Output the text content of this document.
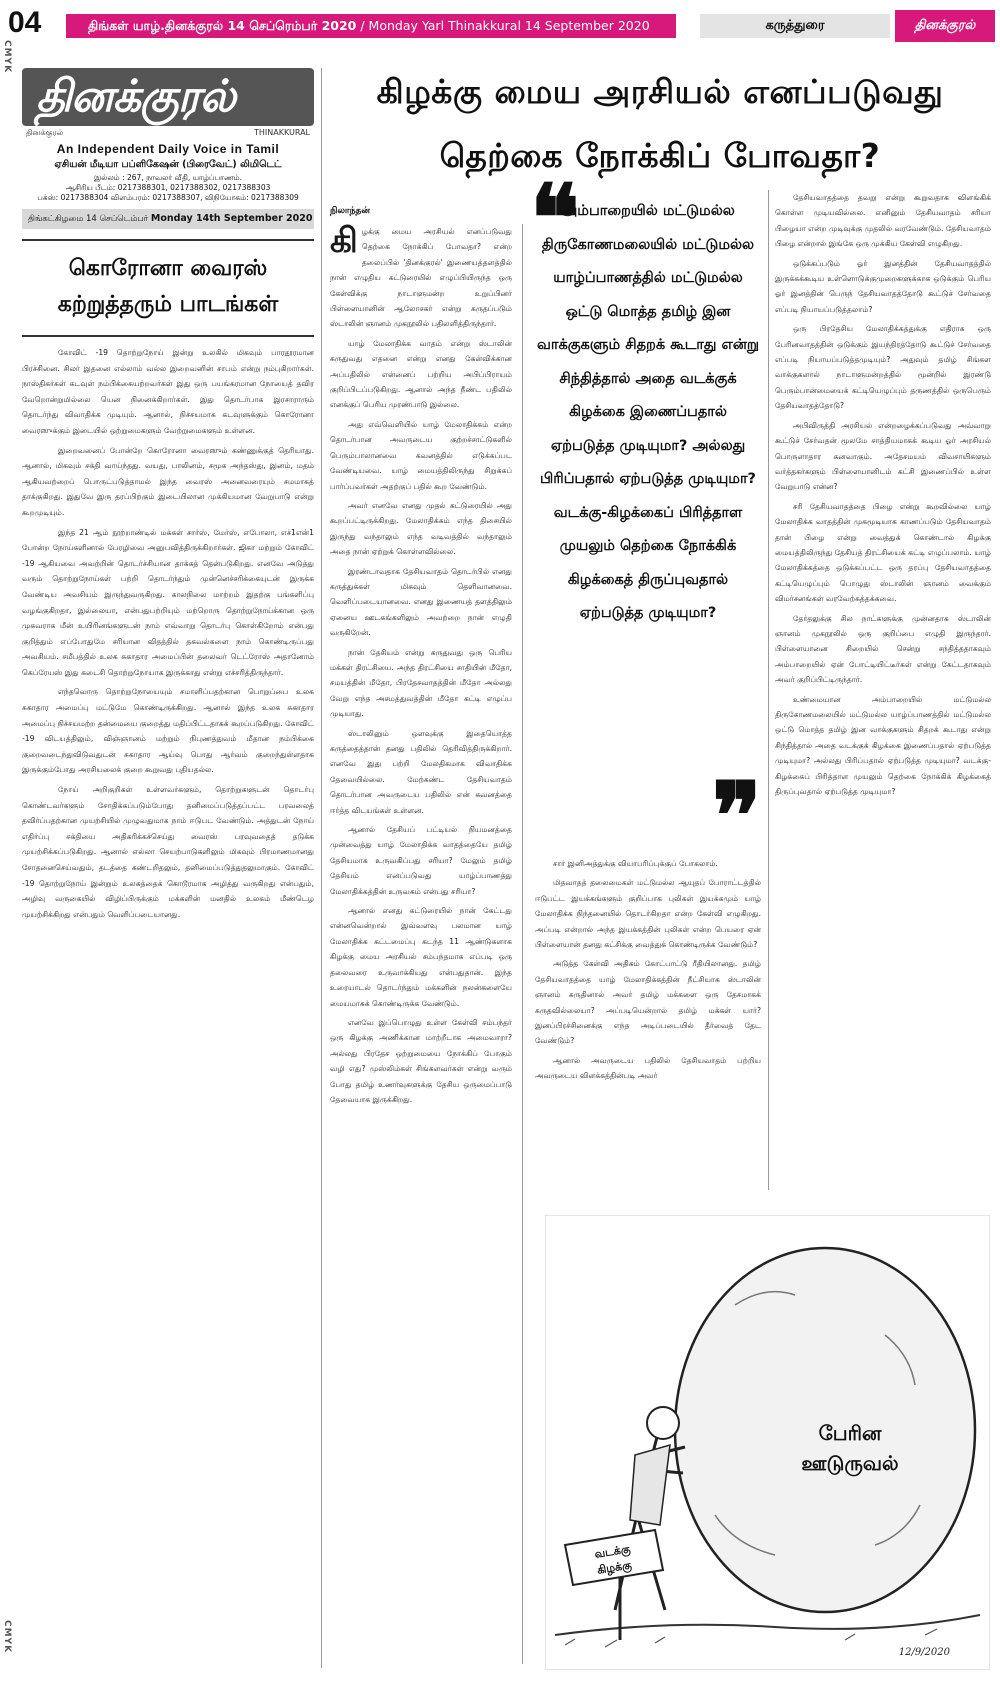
04	திங்கள் யாழ்.தினக்குரல் 14 செப்ரெம்பர் 2020 / Monday Yarl Thinakkural 14 September 2020	கருத்துரை	தினக்குரல்
CMYK
CMYK
தினக்குரல்
தினக்குரல்	THINAKKURAL
An Independent Daily Voice in Tamil
ஏசியன் மீடியா பப்ளிகேஷன் (பிரைவேட்) லிமிடெட்
இல்லம் : 267, நாவலர் வீதி, யாழ்ப்பாணம்.
ஆசிரிய பீடம்: 0217388301, 0217388302, 0217388303
பக்ஸ்: 0217388304 விளம்பரம்: 0217388307, விநியோகம்: 0217388309
திங்கட்கிழமை 14 செப்டெம்பர் Monday 14th September 2020
கொரோனா வைரஸ்
கற்றுத்தரும் பாடங்கள்

கோவிட் -19 தொற்றுநோய் இன்று உலகில் மிகவும் பாரதூரமான பிரச்சினை. சிலர் இதனை எல்லாம் வல்ல இறைவனின் சாபம் என்று நம்புகிறார்கள். நாஸ்திகர்கள் கடவுள் நம்பிக்கையற்றவர்கள் இது ஒரு பயங்கரமான நோயைத் தவிர வேறொன்றுமில்லை யென நினைக்கிறார்கள். இது தொடர்பாக இரசாராரும் தொடர்ந்து விவாதிக்க முடியும். ஆனால், நிச்சயமாக கடவுளுக்கும் கொரோனா வைரஸுக்கும் இடையில் ஒற்றுமைகளும் வேற்றுமைகளும் உள்ளன.

இறைவனைப் போன்றே கொரோனா வைரஸும் கண்ணுக்குத் தெரியாது. ஆனால், மிகவும் சக்தி வாய்ந்தது. வயது, பாலினம், சமூக அந்தஸ்து, இனம், மதம் ஆகியவற்றைப் பொருட்படுத்தாமல் இந்த வைரஸ் அனைவரையும் சமமாகத் தாக்குகிறது. இதுவே இரு தரப்பிற்கும் இடையிலான முக்கியமான வேறுபாடு என்று கூறமுடியும்.

இந்த 21 ஆம் நூற்றாண்டில் மக்கள் சார்ஸ், மேர்ஸ், எபோலா, எச்1என்1 போன்ற நோய்களினால் பேரழிவை அனுபவித்திருக்கிறார்கள். ஜிகா மற்றும் கோவிட் -19 ஆகியவை அவற்றின் தொடர்ச்சியான தாக்கத் தென்படுகிறது. எனவே அடுத்து வரும் தொற்றுநோய்கள் பற்றி தொடர்ந்தும் முன்னெச்சரிக்கையுடன் இருக்க வேண்டிய அவசியம் இருந்துவருகிறது. காலநிலை மாற்றம் இதற்கு பங்களிப்பு வழங்குகிறதா, இல்லையா, என்பதுபற்றியும் மற்றொரு தொற்றுநோய்க்கான ஒரு முகவராக மீன் உயிரினங்களுடன் நாம் எவ்வாறு தொடர்பு கொள்கிறோம் என்பது குறித்தும் எப்போதுமே சரியான விதத்தில் தகவல்களை நாம் கொண்டிருப்பது அவசியம். சமீபத்தில் உலக சுகாதார அமைப்பின் தலைவர் டெட்ரோஸ் அதானோம் கெப்ரேயஸ் இது கடைசி தொற்றுநோயாக இருக்காது என்று எச்சரித்திருந்தார்.

எந்தவொரு தொற்றுநோயையும் சமாளிப்பதற்கான பொறுப்பை உலக சுகாதார அமைப்பு மட்டுமே கொண்டிருக்கிறது. ஆனால் இந்த உலக சுகாதார அமைப்பு நிச்சயமற்ற தன்மையை குறைத்து மதிப்பிட்டதாகக் கூறப்படுகிறது. கோவிட் -19 விடயத்திலும், விஞ்ஞானம் மற்றும் நிபுணத்துவம் மீதான நம்பிக்கை குறைவடைந்துவிடுவதுடன் சுகாதார ஆய்வு பொது ஆர்வம் குறைந்துள்ளதாக இருக்கும்போது அரசியலைக் குறை கூறுவது புதியதல்ல.

நோய் அறிகுறிகள் உள்ளவர்களும், தொற்றுகளுடன் தொடர்பு கொண்டவர்களும் சோதிக்கப்படும்போது தனிமைப்படுத்தப்பட்ட பரவலைத் தவிர்ப்பதற்கான முயற்சியில் முழுவதுமாக நாம் ஈடுபட வேண்டும். அத்துடன் நோய் எதிர்ப்பு சக்தியை அதிகரிக்கச்செய்து வைரஸ் பரவுவதைத் தடுக்க முயற்சிக்கப்படுகிறது. ஆனால் எல்லா செயற்பாடுகளிலும் மிகவும் பிரமாணமானது சோதனைசெய்வதும், தடத்தை கண்டறிதலும், தனிமைப்படுத்துதலுமாகும். கோவிட் -19 தொற்றுநோய் இன்றும் உலகத்தைக் கொடூரமாக அழித்து வருகிறது என்பதும், அழிவு வருகையில் விழிப்பிருக்கும் மக்களின் மனதில் உலகம் மீண்டெழ முயற்சிக்கிறது என்பதும் வெளிப்படையானது.

கிழக்கு மைய அரசியல் எனப்படுவது
தெற்கை நோக்கிப் போவதா?
நிலாந்தன்

கிழக்கு மைய அரசியல் எனப்படுவது தெற்கை நோக்கிப் போவதா? என்ற தலைப்பில் 'தினக்குரல்' இணையத்தளத்தில் நான் எழுதிய கட்டுரையில் எழுப்பியிருந்த ஒரு கேள்விக்கு நாடாளுமன்ற உறுப்பினர் பிள்ளையானின் ஆலோசகர் என்று கருதப்படும் ஸ்டாலின் ஞானம் முகநூலில் பதிலளித்திருந்தார்.

யாழ் மேலாதிக்க வாதம் என்று ஸ்டாலின் கருதுவது எதனை என்று எனது கேள்விக்கான அப்பதிலில் என்னைப் பற்றிய அபிப்பிராயம் குறிப்பிடப்படுகிறது. ஆனால் அந்த நீண்ட பதிலில் எனக்குப் பெரிய முரண்பாடு இல்லை.

அது எவ்வெளியில் யாழ் மேலாதிக்கம் என்ற தொடர்பான அவருடைய குற்றச்சாட்டுகளில் பெரும்பாலானவை கவனத்தில் எடுக்கப்பட வேண்டியவை. யாழ் மையத்திலிருந்து சிறுக்கப் பார்ப்பவர்கள் அதற்குப் பதில் கூற வேண்டும்.

அவர் எனவே எனது முதல் கட்டுரையில் அது கூறப்பட்டிருக்கிறது. மேலாதிக்கம் எந்த திசையில் இருந்து வந்தாலும் எந்த வடிவத்தில் வந்தாலும் அதை நான் ஏற்றுக் கொள்ளவில்லை.

இரண்டாவதாக தேசியவாதம் தொடர்பில் எனது கருத்துக்கள் மிகவும் தெளிவானவை. வெளிப்படையானவை. எனது இணையத் தளத்திலும் ஏனைய ஊடகங்களிலும் அவற்றை நான் எழுதி வருகிறேன்.

நான் தேசியம் என்று கருதுவது ஒரு பெரிய மக்கள் திரட்சியை. அந்த திரட்சியை சாதியின் மீதோ, சமயத்தின் மீதோ, பிரதேசவாதத்தின் மீதோ அல்லது வேறு எந்த அசமத்துவத்தின் மீதோ கட்டி எழுப்ப முடியாது.

ஸ்டாலினும் ஒளவுக்கு இதையொத்த கருத்தைத்தான் தனது பதிலில் தெரிவித்திருக்கிறார். எனவே இது பற்றி மேலதிகமாக விவாதிக்க தேவையில்லை. மேற்கண்ட தேசியவாதம் தொடர்பான அவருடைய பதிலில் என் கவனத்தை ஈர்த்த விடயங்கள் உள்ளன.

ஆனால் தேசியப் பட்டியல் நியமனத்தை முன்வைத்து யாழ் மேலாதிக்க வாதத்தையே தமிழ் தேசியமாக உருவகிப்பது சரியா? மேலும் தமிழ் தேசியம் எனப்படுவது யாழ்ப்பாணத்து மேலாதிக்கத்தின் உருவகம் என்பது சரியா?

ஆனால் எனது கட்டுரையில் நான் கேட்டது என்னவென்றால் இவ்வளவு பலமான யாழ் மேலாதிக்க கட்டமைப்பு கடந்த 11 ஆண்டுகளாக கிழக்கு மைய அரசியல் சம்பந்தமாக எப்படி ஒரு தலைவரை உருவாக்கியது என்பதுதான். இந்த உரையாடல் தொடர்ந்தும் மக்களின் நலன்களையே மையமாகக் கொண்டிருக்க வேண்டும்.

எனவே இப்பொழுது உள்ள கேள்வி சம்பந்தர் ஒரு கிழக்கு அணிக்கான மாற்றீடாக அமைவாரா? அல்லது பிரதேச ஒற்றுமையை நோக்கிப் போகும் வழி எது? முஸ்லிம்கள் சிங்களவர்கள் என்று வரும் போது தமிழ் உணர்வுகளுக்கு தேசிய ஒருமைப்பாடு தேவையாக இருக்கிறது.

❝
அம்பாறையில் மட்டுமல்ல திருகோணமலையில் மட்டுமல்ல யாழ்ப்பாணத்தில் மட்டுமல்ல ஒட்டு மொத்த தமிழ் இன வாக்குகளும் சிதறக் கூடாது என்று சிந்தித்தால் அதை வடக்குக் கிழக்கை இணைப்பதால் ஏற்படுத்த முடியுமா? அல்லது பிரிப்பதால் ஏற்படுத்த முடியுமா? வடக்கு-கிழக்கைப் பிரித்தாள முயலும் தெற்கை நோக்கிக் கிழக்கைத் திருப்புவதால் ஏற்படுத்த முடியுமா?
❞

சார் இனிஅத்துக்கு வியாபரிப்புக்குப் போகலாம்.

மிதவாதத் தலைமைகள் மட்டுமல்ல ஆயுதப் போராட்டத்தில் ஈடுபட்ட இயக்கங்களும் குறிப்பாக புலிகள் இயக்கமும் யாழ் மேலாதிக்க நிந்தனையில் தொடர்கிறதா என்ற கேள்வி எழுகிறது. அப்படி என்றால் அந்த இயக்கத்தின் புலிகள் என்ற பெயரை ஏன் பிள்ளையான் தனது கட்சிக்கு வைத்துக் கொண்டிருக்க வேண்டும்?

அடுத்த கேள்வி அதிகம் கோட்பாட்டு ரீதியிலானது. தமிழ் தேசியவாதத்தை யாழ் மேலாதிக்கத்தின் நீட்சியாக ஸ்டாலின் ஞானம் கருதினால் அவர் தமிழ் மக்களை ஒரு தேசமாகக் கருதவில்லையா? அப்படியென்றால் தமிழ் மக்கள் யார்? இனப்பிரச்சினைக்கு எந்த அடிப்படையில் தீர்வைத் தேட வேண்டும்?

ஆனால் அவருடைய பதிலில் தேசியவாதம் பற்றிய அவருடைய விளக்கத்தின்படி அவர்

தேசியவாதத்தை தவறு என்று கூறுவதாக விளங்கிக் கொள்ள முடியவில்லை. எனினும் தேசியவாதம் சரியா பிழையா என்ற முடிவுக்கு முதலில் வரவேண்டும். தேசியவாதம் பிழை என்றால் இங்கே ஒரு முக்கிய கேள்வி எழுகிறது.

ஒடுக்கப்படும் ஓர் இனத்தின் தேசியவாதத்தில் இருக்கக்கூடிய உள்ளொடுக்குமுறைகளுக்காக ஒடுக்கும் பெரிய ஓர் இனத்தின் பெருந் தேசியவாதத்தோடு கூட்டுச் சேர்வதை எப்படி நியாயப்படுத்தலாம்?

ஒரு பிரதேசிய மேலாதிக்கத்துக்கு எதிராக ஒரு பேரினவாதத்தின் ஒடுக்கும் இயந்திரத்தோடு கூட்டுச் சேர்வதை எப்படி நியாயப்படுத்தமுடியும்? அதுவும் தமிழ் சிங்கள வாக்குகளால் நாடாளுமன்றத்தில் மூன்றில் இரண்டு பெரும்பான்மையைக் கட்டியெழுப்பும் தருணத்தில் ஒருபெரும் தேசியவாதத்தோடு?

அபிவிருத்தி அரசியல் என்றழைக்கப்படுவது அவ்வாறு கூட்டுச் சேர்வதன் மூலமே சாத்தியமாகக் கூடிய ஓர் அரசியல் பொருளாதார கனவாகும். அதேசமயம் விவசாயிகளும் வர்த்தகர்களும் பிள்ளையானிடம் கட்சி இணைப்பில் உள்ள வேறுபாடு என்ன?

சரி தேசியவாதத்தை பிழை என்று கூறவில்லை யாழ் மேலாதிக்க வாதத்தின் முகமூடியாக காணப்படும் தேசியவாதம் தான் பிழை என்று வைத்துக் கொண்டால் கிழக்கு மையத்திலிருந்து தேசியத் திரட்சியைக் கட்டி எழுப்பலாம். யாழ் மேலாதிக்கத்தை ஒடுக்கப்பட்ட ஒரு தரப்பு தேசியவாதத்தை கட்டியெழுப்பும் பொழுது ஸ்டாலின் ஞானம் வைக்கும் விமர்சனங்கள் வரவேற்கத்தக்கவை.

தேர்தலுக்கு சில நாட்களுக்கு முன்னதாக ஸ்டாலின் ஞானம் முகநூலில் ஒரு குறிப்பை எழுதி இருந்தார். பிள்ளையானை சிறையில் சென்று சந்தித்ததாகவும் அம்பாறையில் ஏன் போட்டியிட்டீர்கள் என்று கேட்டதாகவும் அவர் குறிப்பிட்டிருந்தார்.

உண்மையான அம்பாறையில் மட்டுமல்ல திருகோணமலையில் மட்டுமல்ல யாழ்ப்பாணத்தில் மட்டுமல்ல ஒட்டு மொத்த தமிழ் இன வாக்குகளும் சிதறக் கூடாது என்று சிந்தித்தால் அதை வடக்குக் கிழக்கை இணைப்பதால் ஏற்படுத்த முடியுமா? அல்லது பிரிப்பதால் ஏற்படுத்த முடியுமா? வடக்கு-கிழக்கைப் பிரித்தாள முயலும் தெற்கை நோக்கிக் கிழக்கைத் திருப்புவதால் ஏற்படுத்த முடியுமா?

பேரின
ஊடுருவல்
வடக்கு
கிழக்கு
12/9/2020
